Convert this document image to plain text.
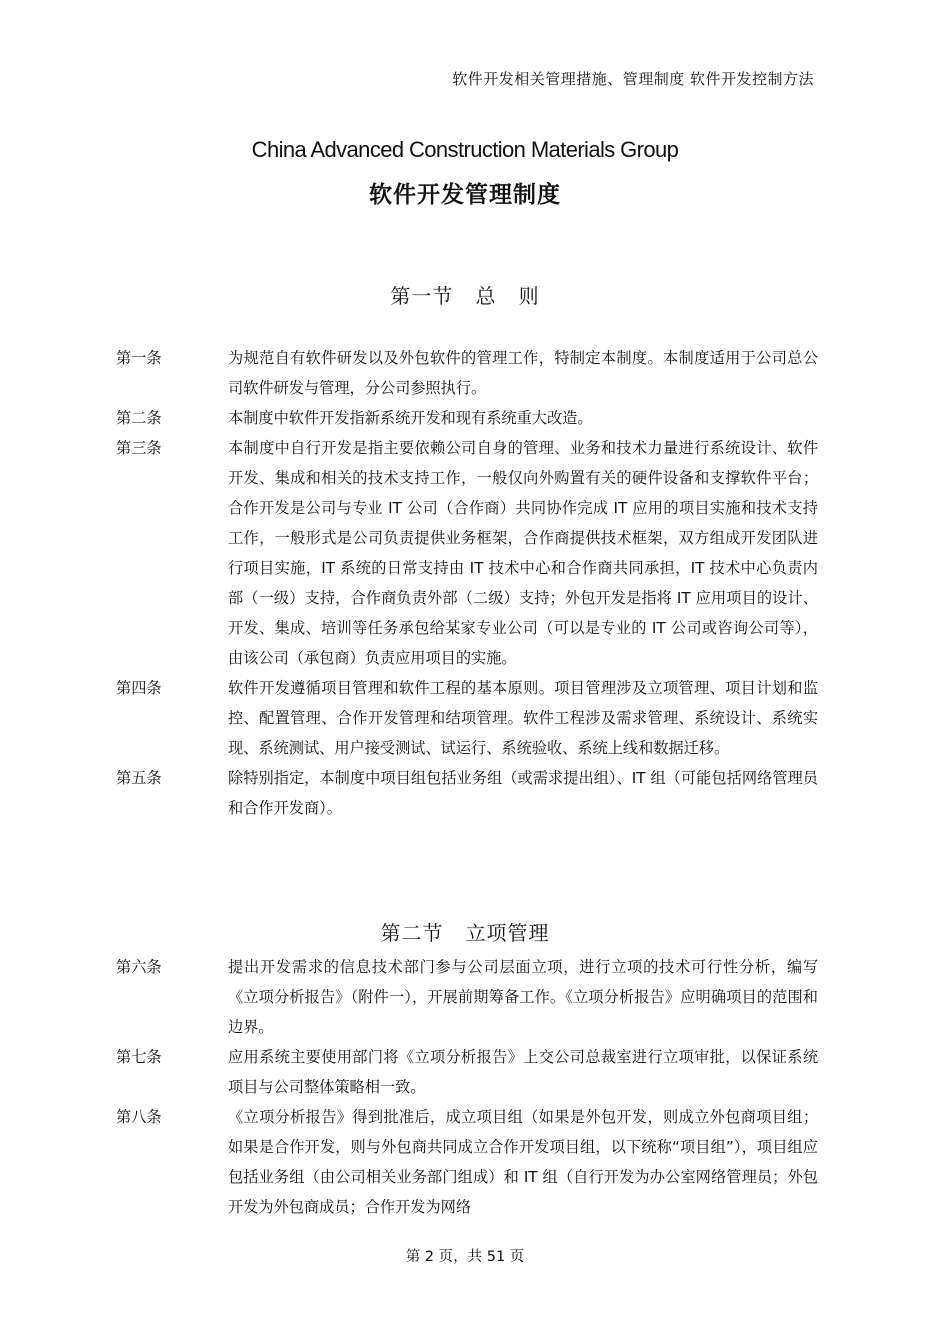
软件开发相关管理措施、管理制度 软件开发控制方法
China Advanced Construction Materials Group
软件开发管理制度
第一节   总   则
第一条	为规范自有软件研发以及外包软件的管理工作，特制定本制度。本制度适用于公司总公司软件研发与管理，分公司参照执行。
第二条	本制度中软件开发指新系统开发和现有系统重大改造。
第三条	本制度中自行开发是指主要依赖公司自身的管理、业务和技术力量进行系统设计、软件开发、集成和相关的技术支持工作，一般仅向外购置有关的硬件设备和支撑软件平台；合作开发是公司与专业 IT 公司（合作商）共同协作完成 IT 应用的项目实施和技术支持工作，一般形式是公司负责提供业务框架，合作商提供技术框架，双方组成开发团队进行项目实施，IT 系统的日常支持由 IT 技术中心和合作商共同承担，IT 技术中心负责内部（一级）支持，合作商负责外部（二级）支持；外包开发是指将 IT 应用项目的设计、开发、集成、培训等任务承包给某家专业公司（可以是专业的 IT 公司或咨询公司等），由该公司（承包商）负责应用项目的实施。
第四条	软件开发遵循项目管理和软件工程的基本原则。项目管理涉及立项管理、项目计划和监控、配置管理、合作开发管理和结项管理。软件工程涉及需求管理、系统设计、系统实现、系统测试、用户接受测试、试运行、系统验收、系统上线和数据迁移。
第五条	除特别指定，本制度中项目组包括业务组（或需求提出组）、IT 组（可能包括网络管理员和合作开发商）。
第二节   立项管理
第六条	提出开发需求的信息技术部门参与公司层面立项，进行立项的技术可行性分析，编写《立项分析报告》（附件一），开展前期筹备工作。《立项分析报告》应明确项目的范围和边界。
第七条	应用系统主要使用部门将《立项分析报告》上交公司总裁室进行立项审批，以保证系统项目与公司整体策略相一致。
第八条	《立项分析报告》得到批准后，成立项目组（如果是外包开发，则成立外包商项目组；如果是合作开发，则与外包商共同成立合作开发项目组，以下统称“项目组”），项目组应包括业务组（由公司相关业务部门组成）和 IT 组（自行开发为办公室网络管理员；外包开发为外包商成员；合作开发为网络
第 2 页，共 51 页
